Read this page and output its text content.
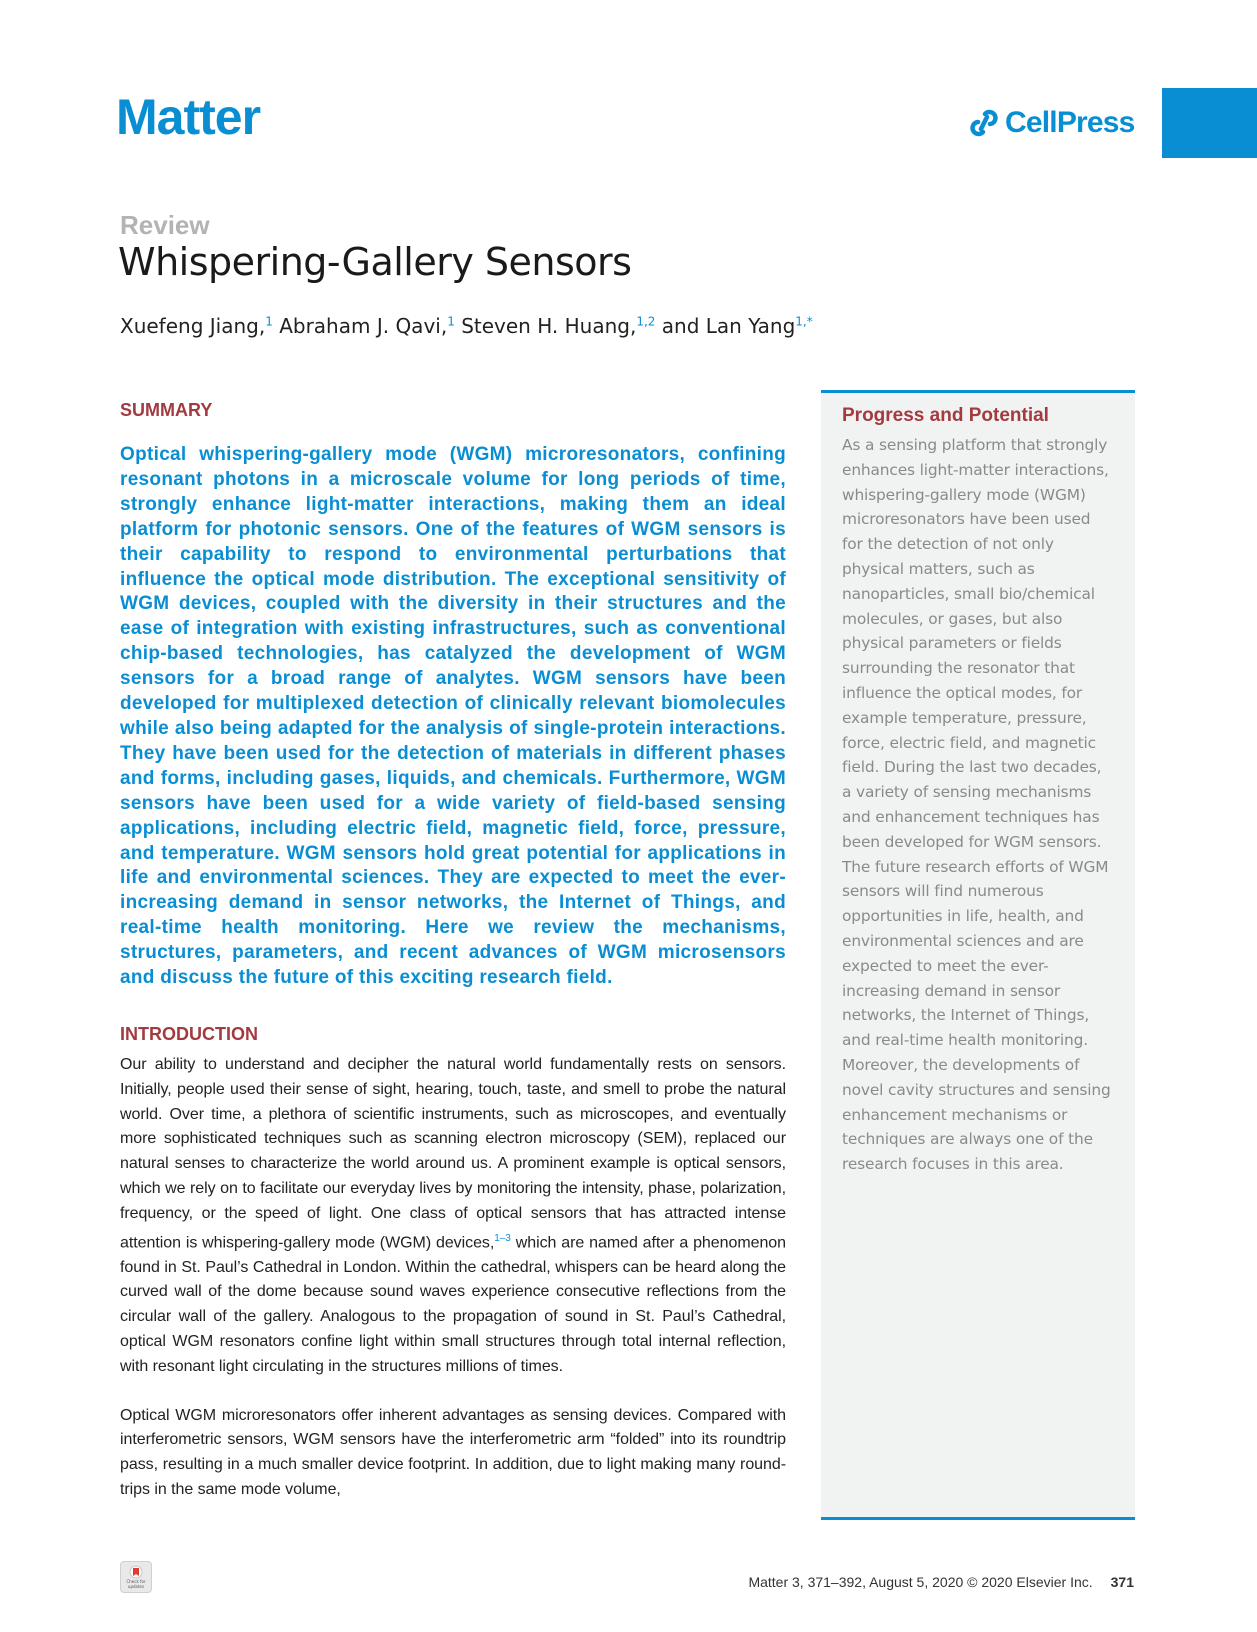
Matter	CellPress
Review
Whispering-Gallery Sensors
Xuefeng Jiang,$^1$ Abraham J. Qavi,$^1$ Steven H. Huang,$^{1,2}$ and Lan Yang$^{1,*}$
SUMMARY

Optical whispering-gallery mode (WGM) microresonators, confining resonant photons in a microscale volume for long periods of time, strongly enhance light-matter interactions, making them an ideal platform for photonic sensors. One of the features of WGM sensors is their capability to respond to environmental perturbations that influence the optical mode distribution. The exceptional sensitivity of WGM devices, coupled with the diversity in their structures and the ease of integration with existing infrastructures, such as conventional chip-based technologies, has catalyzed the development of WGM sensors for a broad range of analytes. WGM sensors have been developed for multiplexed detection of clinically relevant biomolecules while also being adapted for the analysis of single-protein interactions. They have been used for the detection of materials in different phases and forms, including gases, liquids, and chemicals. Furthermore, WGM sensors have been used for a wide variety of field-based sensing applications, including electric field, magnetic field, force, pressure, and temperature. WGM sensors hold great potential for applications in life and environmental sciences. They are expected to meet the ever-increasing demand in sensor networks, the Internet of Things, and real-time health monitoring. Here we review the mechanisms, structures, parameters, and recent advances of WGM microsensors and discuss the future of this exciting research field.

INTRODUCTION

Our ability to understand and decipher the natural world fundamentally rests on sensors. Initially, people used their sense of sight, hearing, touch, taste, and smell to probe the natural world. Over time, a plethora of scientific instruments, such as microscopes, and eventually more sophisticated techniques such as scanning electron microscopy (SEM), replaced our natural senses to characterize the world around us. A prominent example is optical sensors, which we rely on to facilitate our everyday lives by monitoring the intensity, phase, polarization, frequency, or the speed of light. One class of optical sensors that has attracted intense attention is whispering-gallery mode (WGM) devices,$^{1-3}$ which are named after a phenomenon found in St. Paul’s Cathedral in London. Within the cathedral, whispers can be heard along the curved wall of the dome because sound waves experience consecutive reflections from the circular wall of the gallery. Analogous to the propagation of sound in St. Paul’s Cathedral, optical WGM resonators confine light within small structures through total internal reflection, with resonant light circulating in the structures millions of times.

Optical WGM microresonators offer inherent advantages as sensing devices. Compared with interferometric sensors, WGM sensors have the interferometric arm “folded” into its roundtrip pass, resulting in a much smaller device footprint. In addition, due to light making many round-trips in the same mode volume,

Progress and Potential

As a sensing platform that strongly enhances light-matter interactions, whispering-gallery mode (WGM) microresonators have been used for the detection of not only physical matters, such as nanoparticles, small bio/chemical molecules, or gases, but also physical parameters or fields surrounding the resonator that influence the optical modes, for example temperature, pressure, force, electric field, and magnetic field. During the last two decades, a variety of sensing mechanisms and enhancement techniques has been developed for WGM sensors. The future research efforts of WGM sensors will find numerous opportunities in life, health, and environmental sciences and are expected to meet the ever-increasing demand in sensor networks, the Internet of Things, and real-time health monitoring. Moreover, the developments of novel cavity structures and sensing enhancement mechanisms or techniques are always one of the research focuses in this area.

Check for updates	Matter 3, 371–392, August 5, 2020 © 2020 Elsevier Inc. 371
